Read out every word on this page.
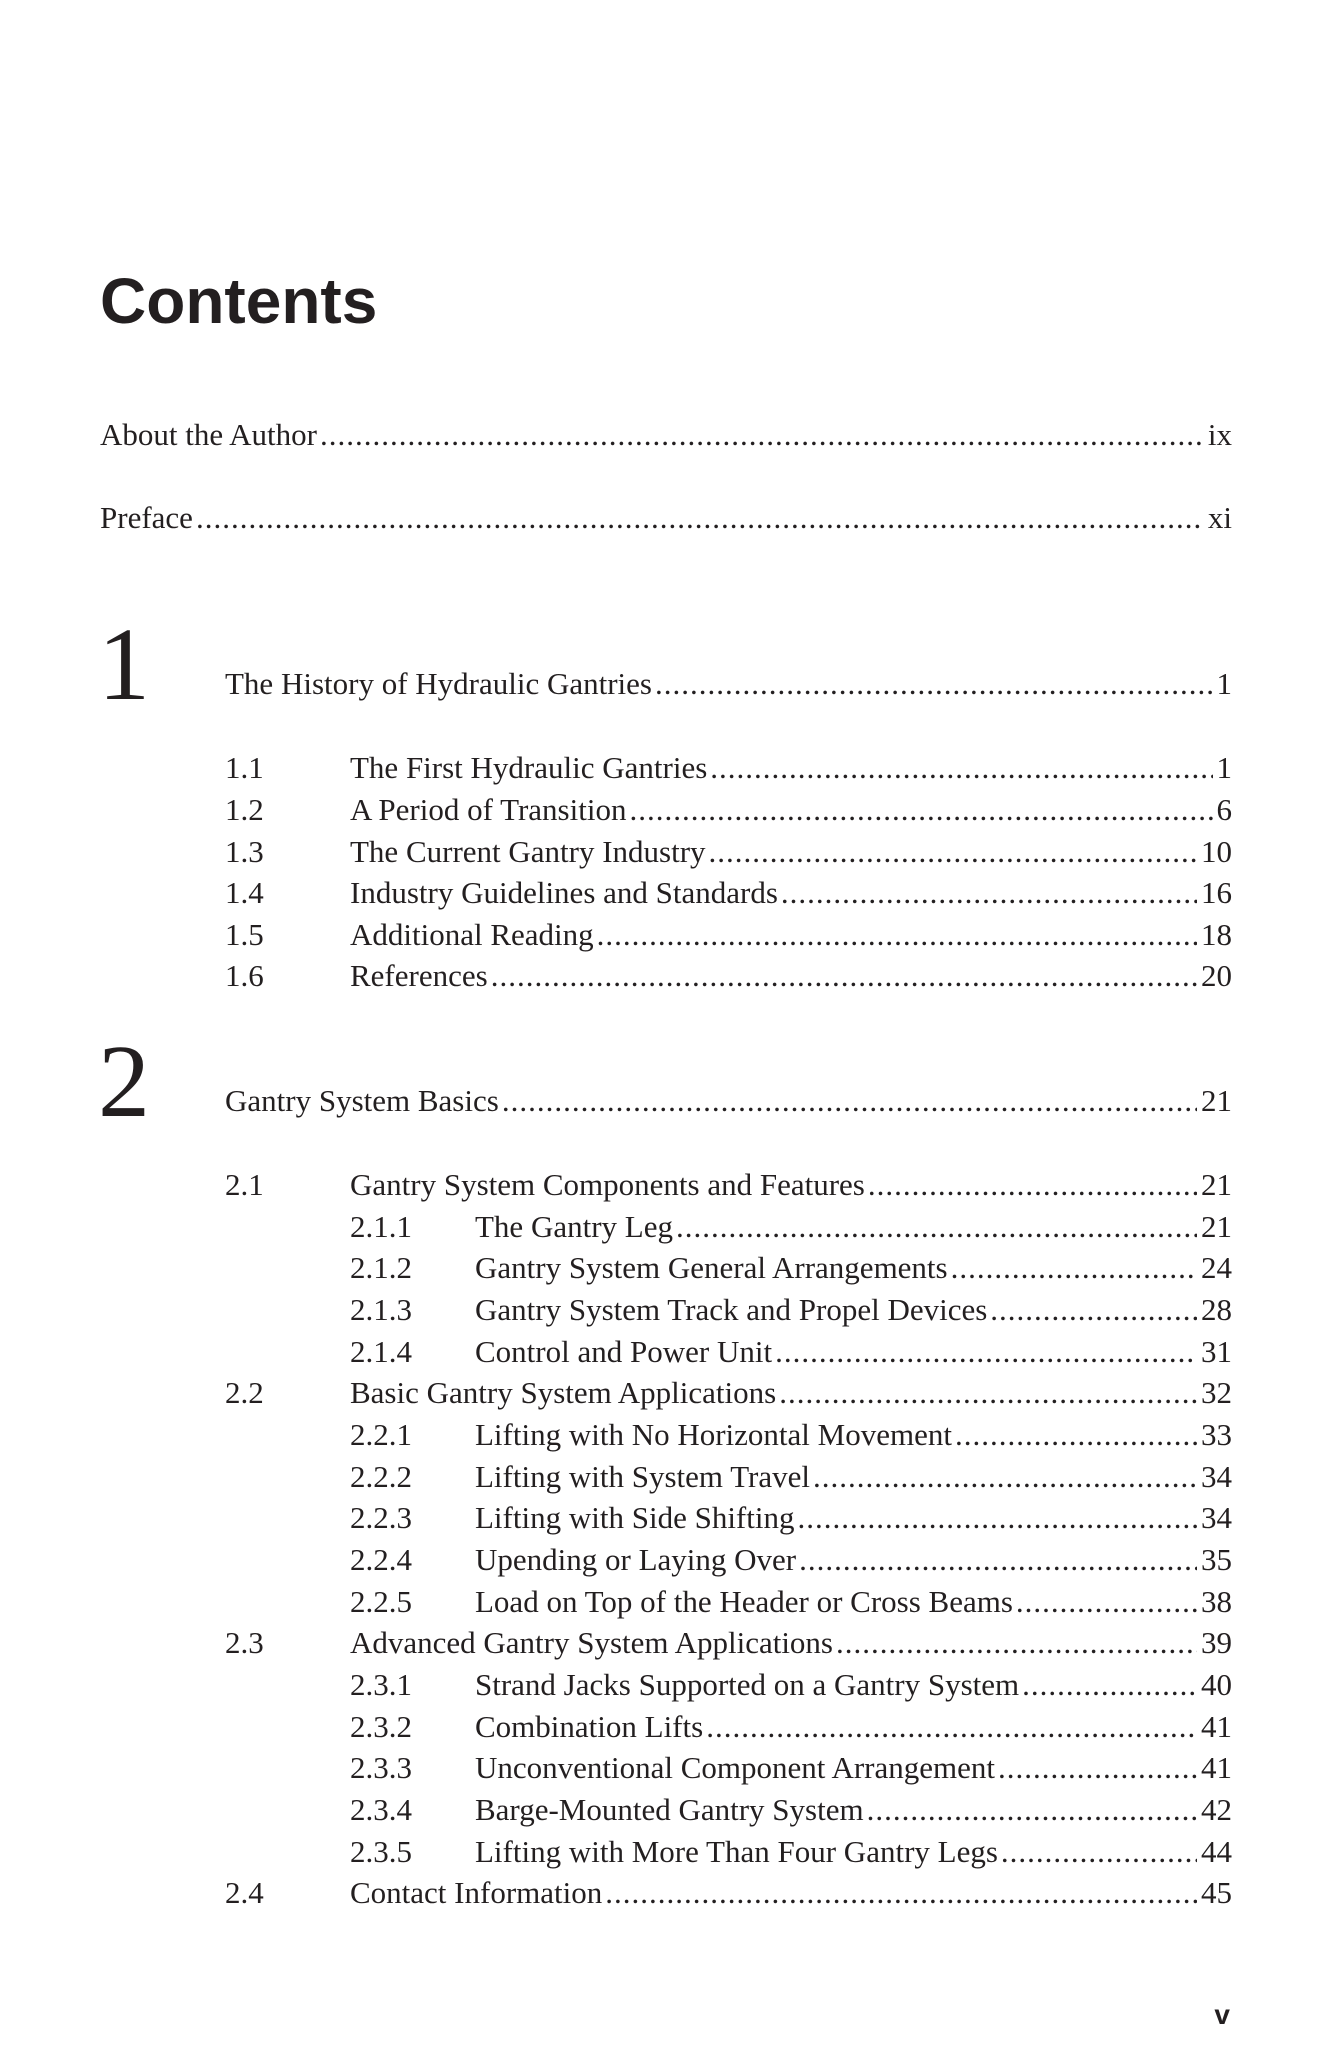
Contents
About the Author .....	ix
Preface .....	xi
1 The History of Hydraulic Gantries .....	1
1.1	The First Hydraulic Gantries .....	1
1.2	A Period of Transition .....	6
1.3	The Current Gantry Industry .....	10
1.4	Industry Guidelines and Standards .....	16
1.5	Additional Reading .....	18
1.6	References .....	20
2 Gantry System Basics .....	21
2.1	Gantry System Components and Features .....	21
2.1.1	The Gantry Leg .....	21
2.1.2	Gantry System General Arrangements .....	24
2.1.3	Gantry System Track and Propel Devices .....	28
2.1.4	Control and Power Unit .....	31
2.2	Basic Gantry System Applications .....	32
2.2.1	Lifting with No Horizontal Movement .....	33
2.2.2	Lifting with System Travel .....	34
2.2.3	Lifting with Side Shifting .....	34
2.2.4	Upending or Laying Over .....	35
2.2.5	Load on Top of the Header or Cross Beams .....	38
2.3	Advanced Gantry System Applications .....	39
2.3.1	Strand Jacks Supported on a Gantry System .....	40
2.3.2	Combination Lifts .....	41
2.3.3	Unconventional Component Arrangement .....	41
2.3.4	Barge-Mounted Gantry System .....	42
2.3.5	Lifting with More Than Four Gantry Legs .....	44
2.4	Contact Information .....	45
v
